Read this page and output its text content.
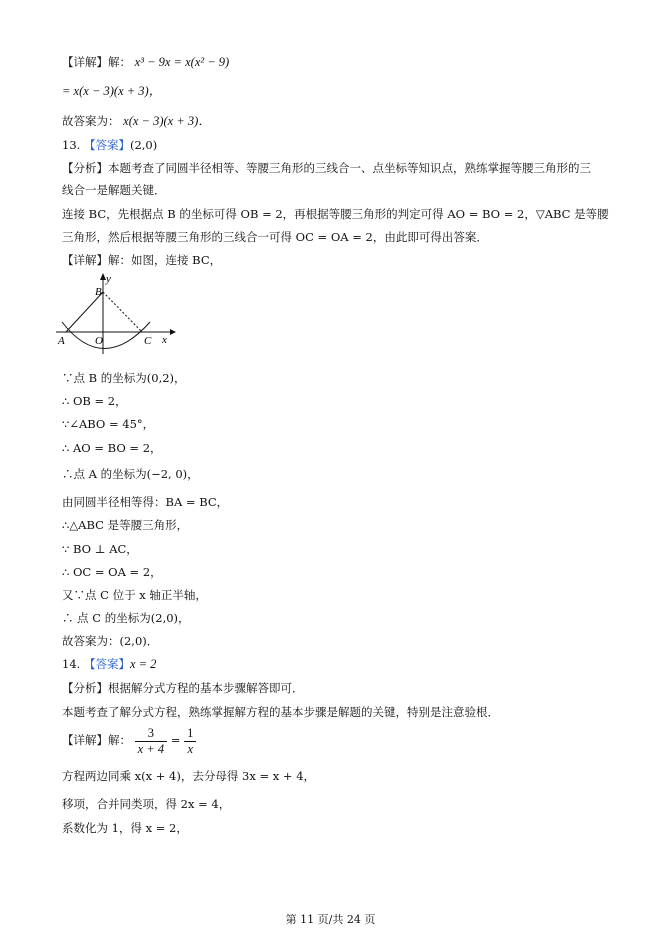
【详解】解： x³ − 9x = x(x² − 9)
= x(x − 3)(x + 3)，
故答案为： x(x − 3)(x + 3)．
13. 【答案】(2,0)
【分析】本题考查了同圆半径相等、等腰三角形的三线合一、点坐标等知识点，熟练掌握等腰三角形的三
线合一是解题关键．
连接 BC，先根据点 B 的坐标可得 OB = 2，再根据等腰三角形的判定可得 AO = BO = 2，▽ABC 是等腰
三角形，然后根据等腰三角形的三线合一可得 OC = OA = 2，由此即可得出答案．
【详解】解：如图，连接 BC，
y
B
A	O	C x
∵点 B 的坐标为(0,2)，
∴ OB = 2，
∵∠ABO = 45°，
∴ AO = BO = 2，
∴点 A 的坐标为(−2, 0)，
由同圆半径相等得：BA = BC，
∴△ABC 是等腰三角形，
∵ BO ⊥ AC，
∴ OC = OA = 2，
又∵点 C 位于 x 轴正半轴，
∴ 点 C 的坐标为(2,0)，
故答案为：(2,0)．
14. 【答案】x = 2
【分析】根据解分式方程的基本步骤解答即可．
本题考查了解分式方程，熟练掌握解方程的基本步骤是解题的关键，特别是注意验根．
【详解】解： $\frac{3}{x + 4} = \frac{1}{x}$
方程两边同乘 x(x + 4)，去分母得 3x = x + 4，
移项，合并同类项，得 2x = 4，
系数化为 1，得 x = 2，
第 11 页/共 24 页
